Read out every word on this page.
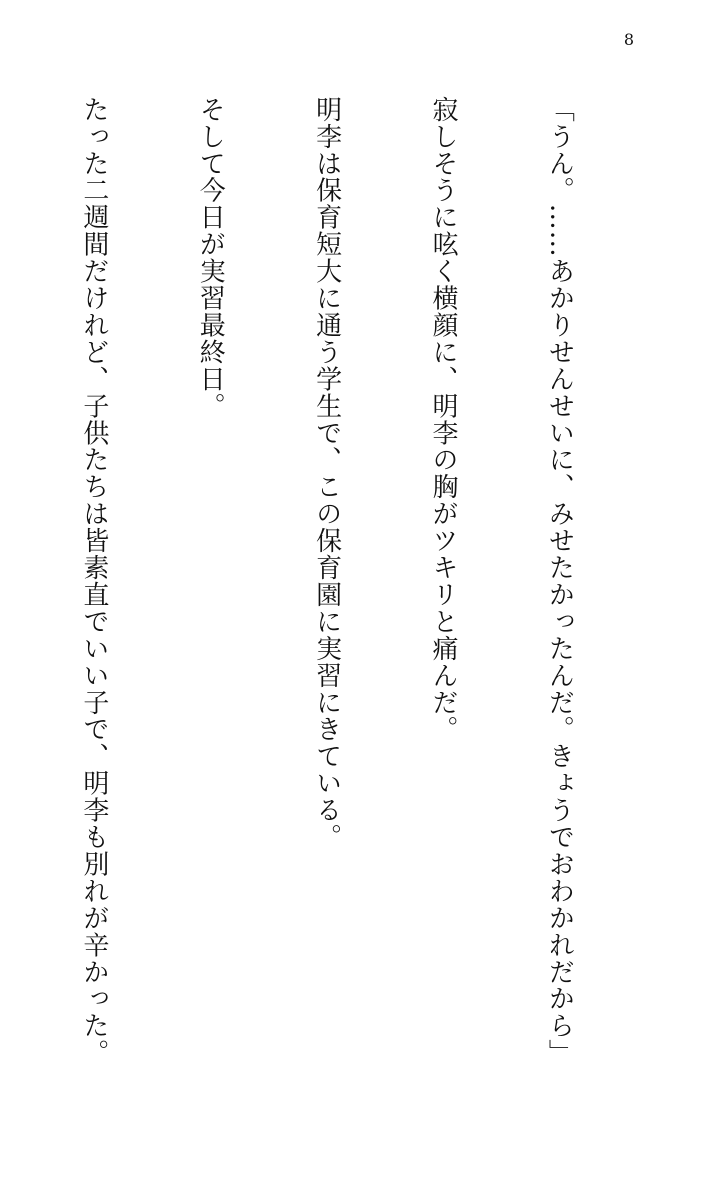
8

「うん。……あかりせんせいに、みせたかったんだ。きょうでおわかれだから」

寂しそうに呟く横顔に、明李の胸がツキリと痛んだ。

明李は保育短大に通う学生で、この保育園に実習にきている。

そして今日が実習最終日。

たった二週間だけれど、子供たちは皆素直でいい子で、明李も別れが辛かった。
